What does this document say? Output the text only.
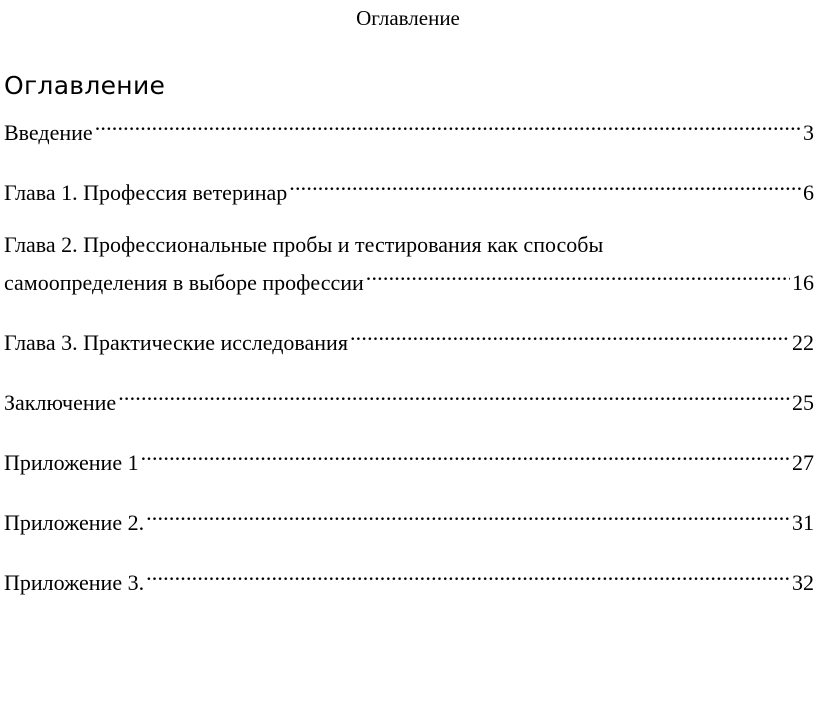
Оглавление
Оглавление
Введение .....	3
Глава 1. Профессия ветеринар .....	6
Глава 2. Профессиональные пробы и тестирования как способы
самоопределения в выборе профессии .....	16
Глава 3. Практические исследования .....	22
Заключение .....	25
Приложение 1 .....	27
Приложение 2. .....	31
Приложение 3. .....	32
